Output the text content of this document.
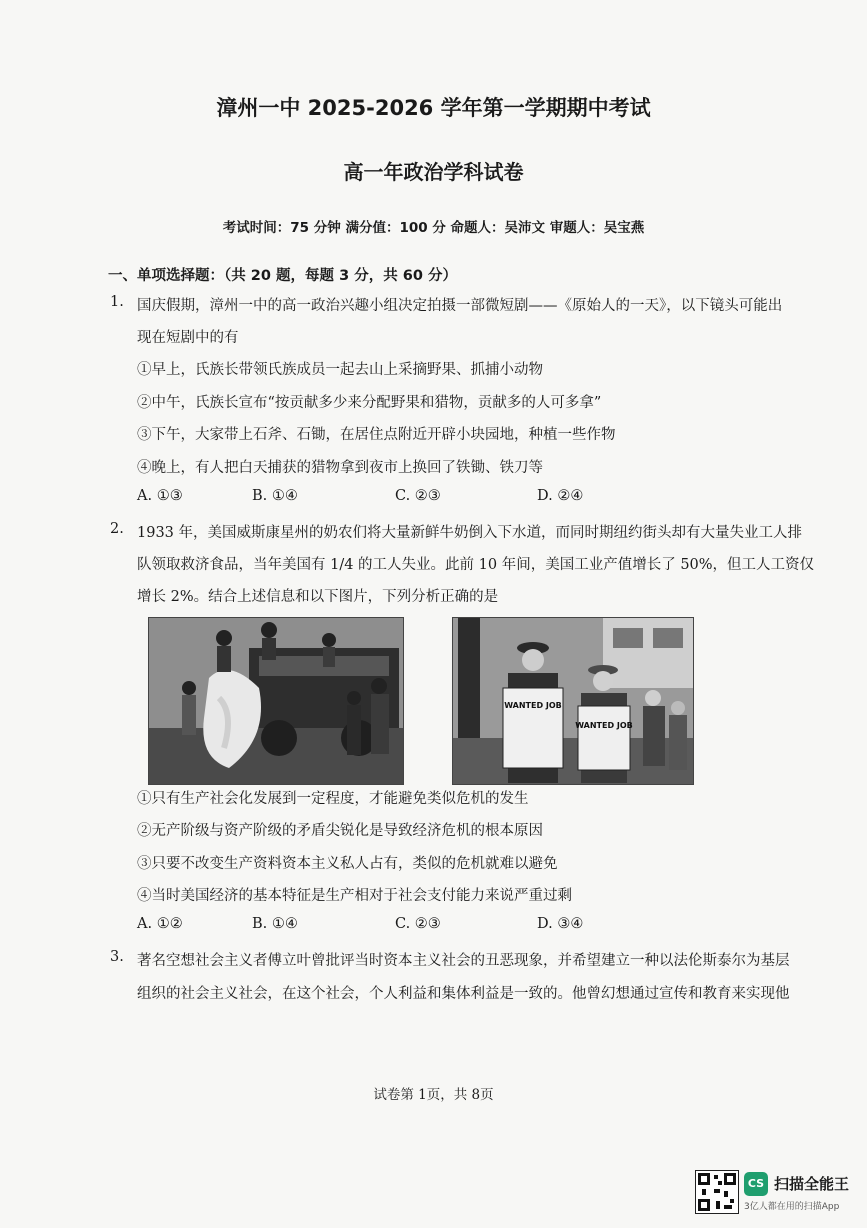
漳州一中 2025-2026 学年第一学期期中考试
高一年政治学科试卷
考试时间：75 分钟 满分值：100 分 命题人：吴沛文 审题人：吴宝燕
一、单项选择题：（共 20 题，每题 3 分，共 60 分）
1. 国庆假期，漳州一中的高一政治兴趣小组决定拍摄一部微短剧——《原始人的一天》，以下镜头可能出
现在短剧中的有
①早上，氏族长带领氏族成员一起去山上采摘野果、抓捕小动物
②中午，氏族长宣布“按贡献多少来分配野果和猎物，贡献多的人可多拿”
③下午，大家带上石斧、石锄，在居住点附近开辟小块园地，种植一些作物
④晚上，有人把白天捕获的猎物拿到夜市上换回了铁锄、铁刀等
A. ①③	B. ①④	C. ②③	D. ②④
2. 1933 年，美国威斯康星州的奶农们将大量新鲜牛奶倒入下水道，而同时期纽约街头却有大量失业工人排
队领取救济食品，当年美国有 1/4 的工人失业。此前 10 年间，美国工业产值增长了 50%，但工人工资仅
增长 2%。结合上述信息和以下图片，下列分析正确的是
WANTED JOB
WANTED JOB
①只有生产社会化发展到一定程度，才能避免类似危机的发生
②无产阶级与资产阶级的矛盾尖锐化是导致经济危机的根本原因
③只要不改变生产资料资本主义私人占有，类似的危机就难以避免
④当时美国经济的基本特征是生产相对于社会支付能力来说严重过剩
A. ①②	B. ①④	C. ②③	D. ③④
3. 著名空想社会主义者傅立叶曾批评当时资本主义社会的丑恶现象，并希望建立一种以法伦斯泰尔为基层
组织的社会主义社会，在这个社会，个人利益和集体利益是一致的。他曾幻想通过宣传和教育来实现他
试卷第 1页，共 8页
CS 扫描全能王
3亿人都在用的扫描App
